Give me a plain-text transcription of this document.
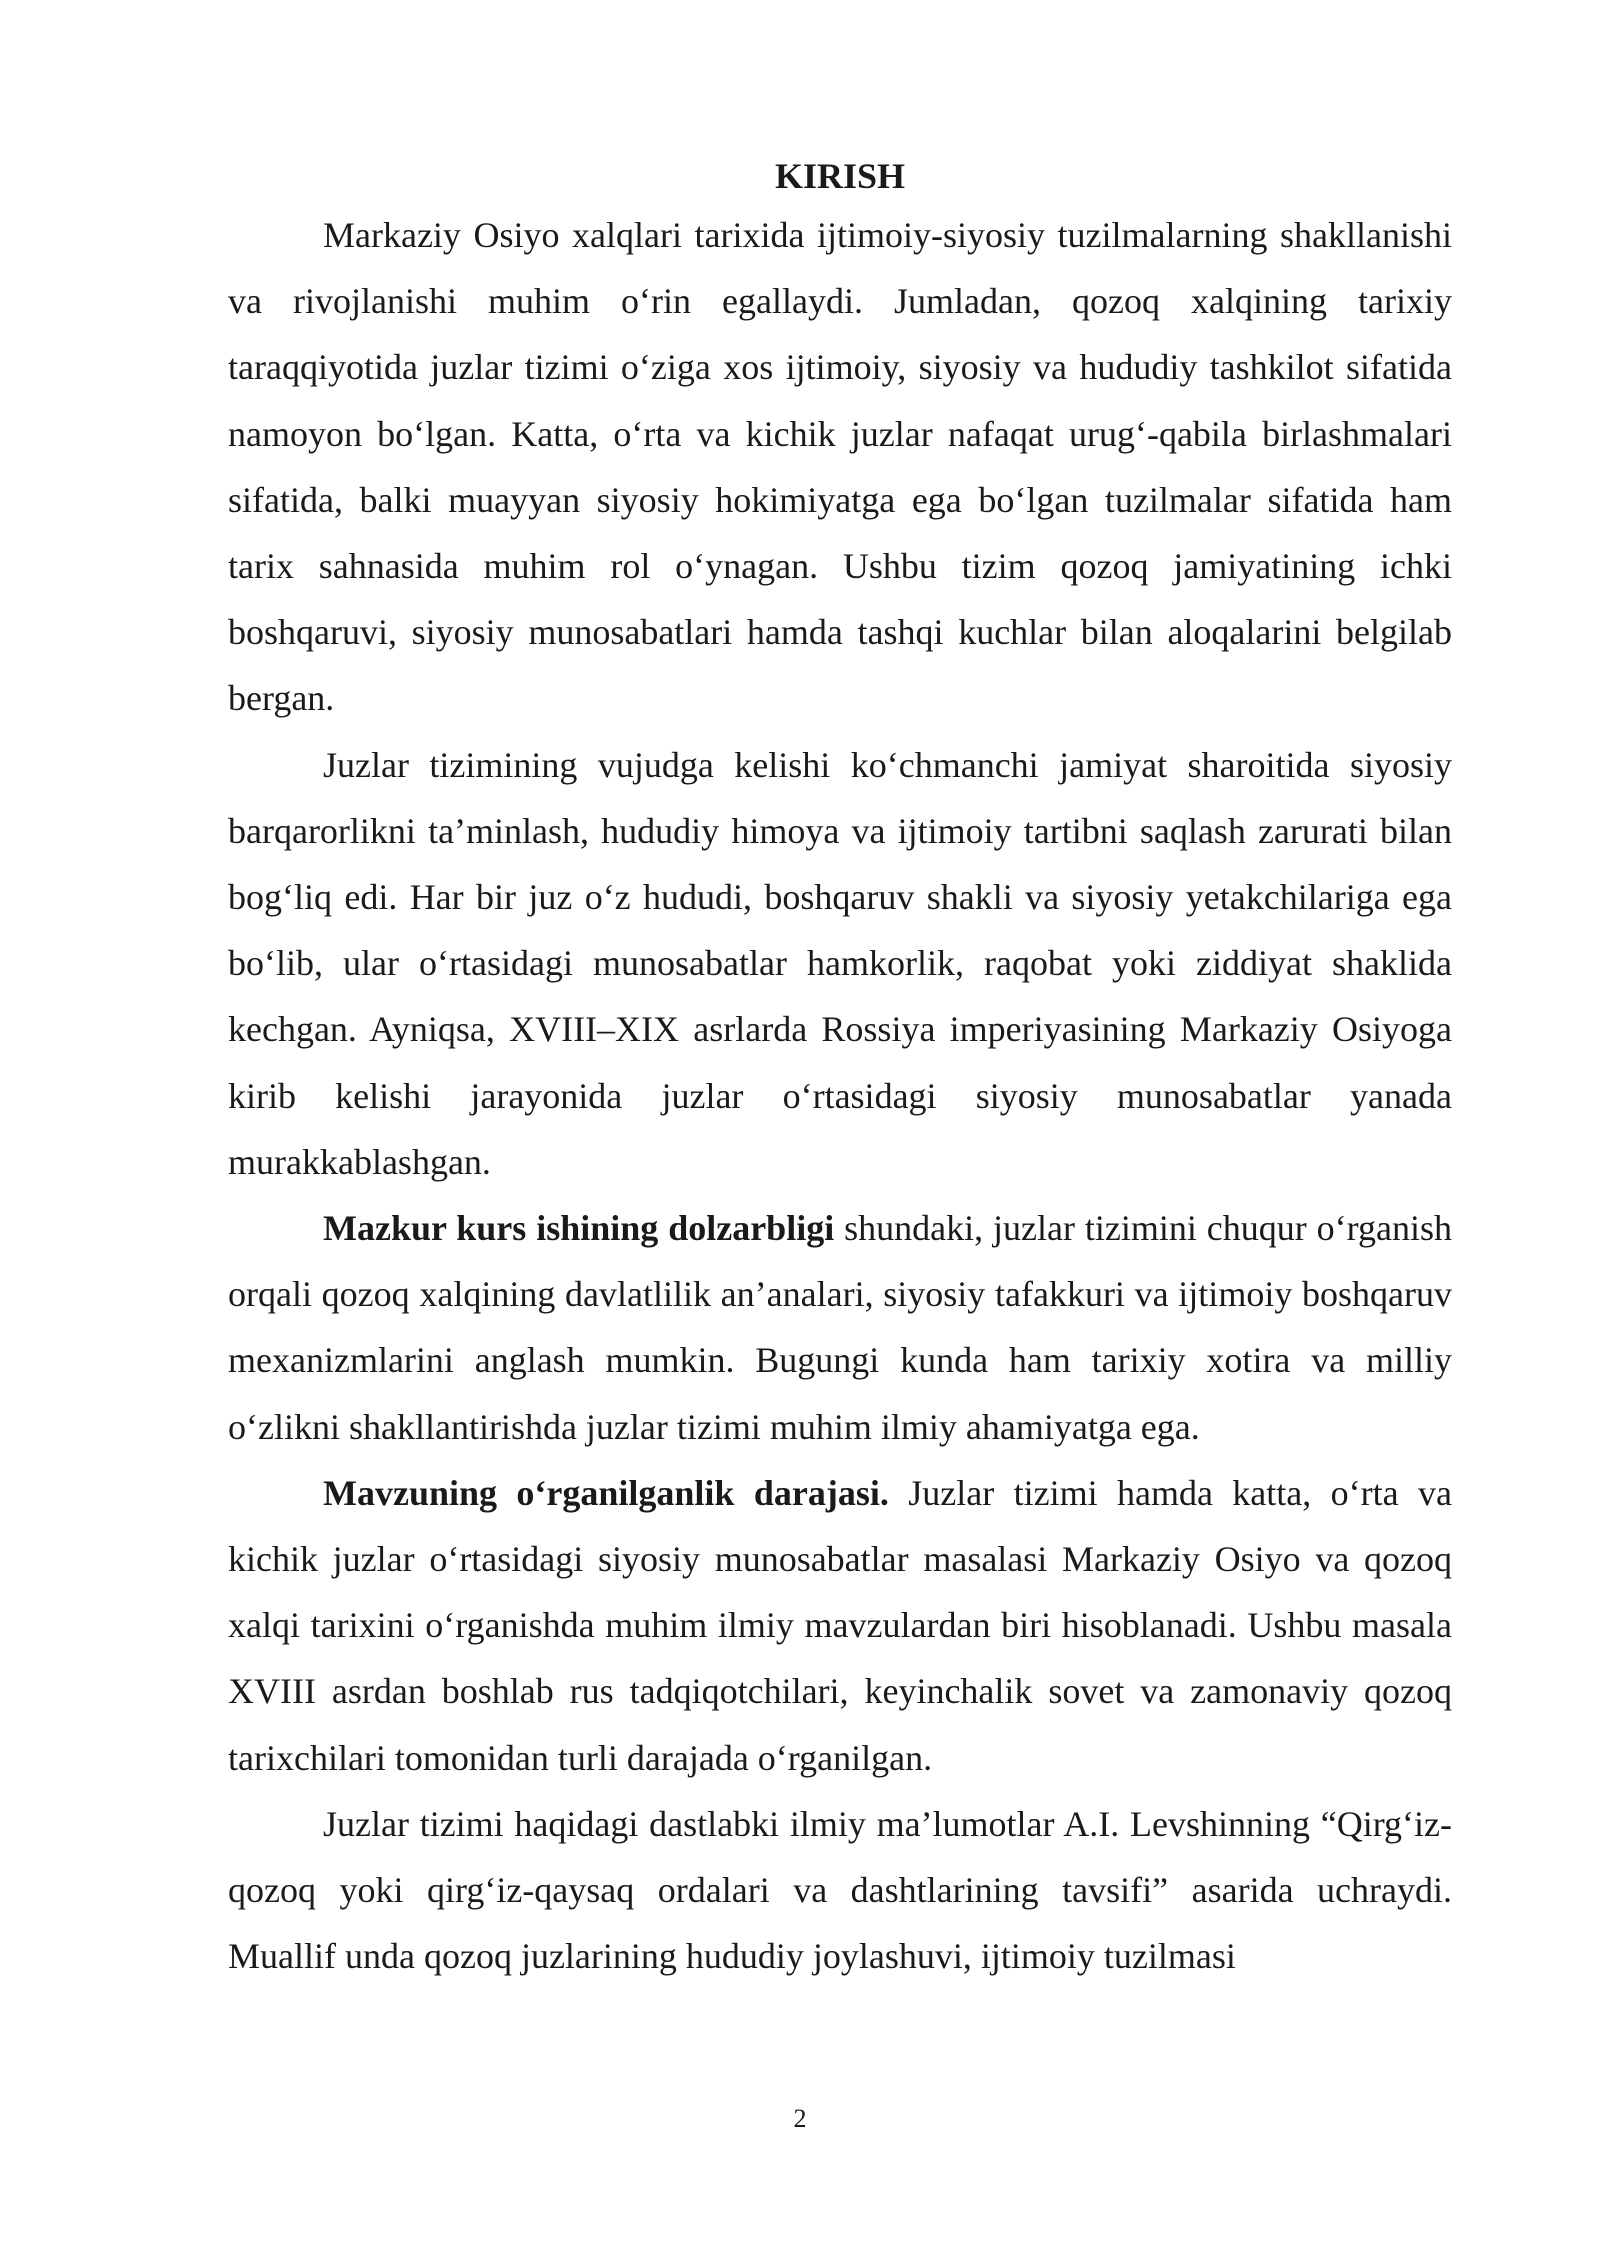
KIRISH

Markaziy Osiyo xalqlari tarixida ijtimoiy-siyosiy tuzilmalarning shakllanishi va rivojlanishi muhim o‘rin egallaydi. Jumladan, qozoq xalqining tarixiy taraqqiyotida juzlar tizimi o‘ziga xos ijtimoiy, siyosiy va hududiy tashkilot sifatida namoyon bo‘lgan. Katta, o‘rta va kichik juzlar nafaqat urug‘-qabila birlashmalari sifatida, balki muayyan siyosiy hokimiyatga ega bo‘lgan tuzilmalar sifatida ham tarix sahnasida muhim rol o‘ynagan. Ushbu tizim qozoq jamiyatining ichki boshqaruvi, siyosiy munosabatlari hamda tashqi kuchlar bilan aloqalarini belgilab bergan.

Juzlar tizimining vujudga kelishi ko‘chmanchi jamiyat sharoitida siyosiy barqarorlikni ta’minlash, hududiy himoya va ijtimoiy tartibni saqlash zarurati bilan bog‘liq edi. Har bir juz o‘z hududi, boshqaruv shakli va siyosiy yetakchilariga ega bo‘lib, ular o‘rtasidagi munosabatlar hamkorlik, raqobat yoki ziddiyat shaklida kechgan. Ayniqsa, XVIII–XIX asrlarda Rossiya imperiyasining Markaziy Osiyoga kirib kelishi jarayonida juzlar o‘rtasidagi siyosiy munosabatlar yanada murakkablashgan.

Mazkur kurs ishining dolzarbligi shundaki, juzlar tizimini chuqur o‘rganish orqali qozoq xalqining davlatlilik an’analari, siyosiy tafakkuri va ijtimoiy boshqaruv mexanizmlarini anglash mumkin. Bugungi kunda ham tarixiy xotira va milliy o‘zlikni shakllantirishda juzlar tizimi muhim ilmiy ahamiyatga ega.

Mavzuning o‘rganilganlik darajasi. Juzlar tizimi hamda katta, o‘rta va kichik juzlar o‘rtasidagi siyosiy munosabatlar masalasi Markaziy Osiyo va qozoq xalqi tarixini o‘rganishda muhim ilmiy mavzulardan biri hisoblanadi. Ushbu masala XVIII asrdan boshlab rus tadqiqotchilari, keyinchalik sovet va zamonaviy qozoq tarixchilari tomonidan turli darajada o‘rganilgan.

Juzlar tizimi haqidagi dastlabki ilmiy ma’lumotlar A.I. Levshinning “Qirg‘iz-qozoq yoki qirg‘iz-qaysaq ordalari va dashtlarining tavsifi” asarida uchraydi. Muallif unda qozoq juzlarining hududiy joylashuvi, ijtimoiy tuzilmasi

2
